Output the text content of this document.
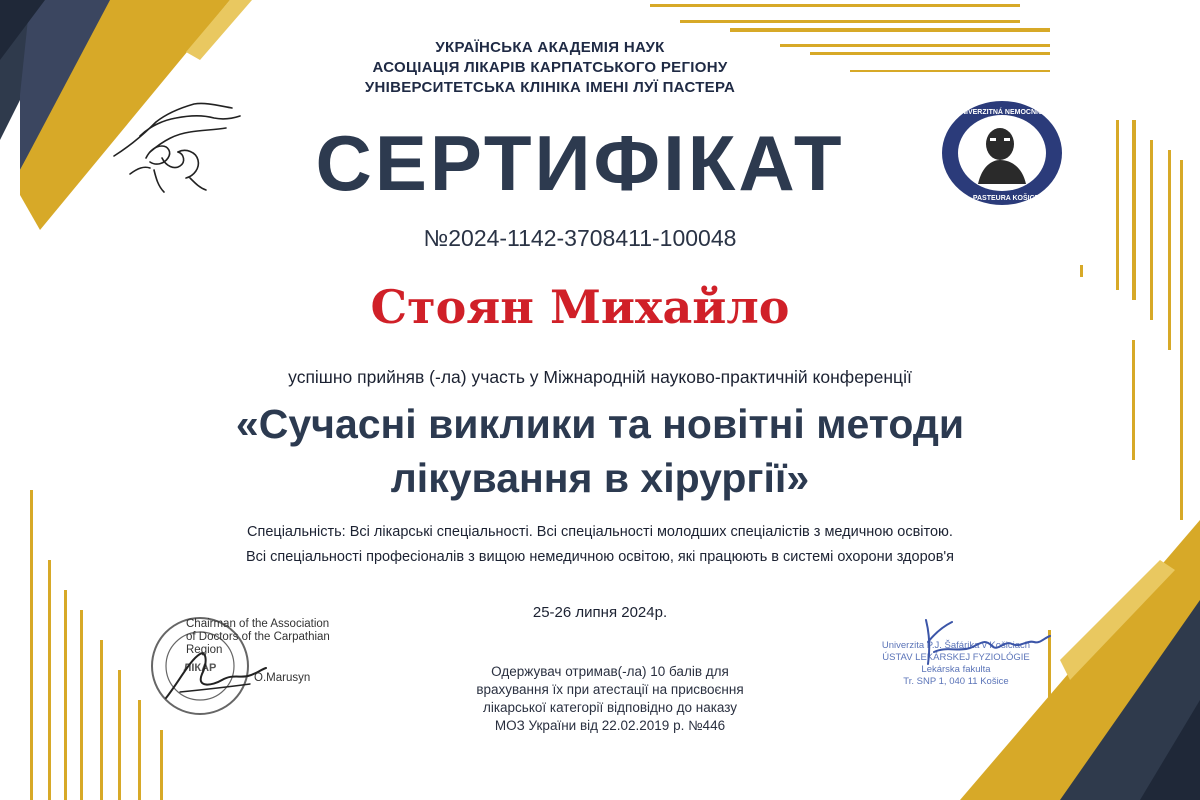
УКРАЇНСЬКА АКАДЕМІЯ НАУК
АСОЦІАЦІЯ ЛІКАРІВ КАРПАТСЬКОГО РЕГІОНУ
УНІВЕРСИТЕТСЬКА КЛІНІКА ІМЕНІ ЛУЇ ПАСТЕРА
UNIVERZITNÁ NEMOCNICA
L. PASTEURA KOŠICE
СЕРТИФІКАТ
№2024-1142-3708411-100048
Стоян Михайло
успішно прийняв (-ла) участь у Міжнародній науково-практичній конференції
«Сучасні виклики та новітні методи
лікування в хірургії»
Спеціальність: Всі лікарські спеціальності. Всі спеціальності молодших спеціалістів з медичною освітою.
Всі спеціальності професіоналів з вищою немедичною освітою, які працюють в системі охорони здоров'я
25-26 липня 2024р.
Одержувач отримав(-ла) 10 балів для
врахування їх при атестації на присвоєння
лікарської категорії відповідно до наказу
МОЗ України від 22.02.2019 р. №446
ЛІКАР
Chairman of the Association
of Doctors of the Carpathian
Region
O.Marusyn
Univerzita P.J. Šafárika v Košiciach
ÚSTAV LEKÁRSKEJ FYZIOLÓGIE
Lekárska fakulta
Tr. SNP 1, 040 11 Košice
